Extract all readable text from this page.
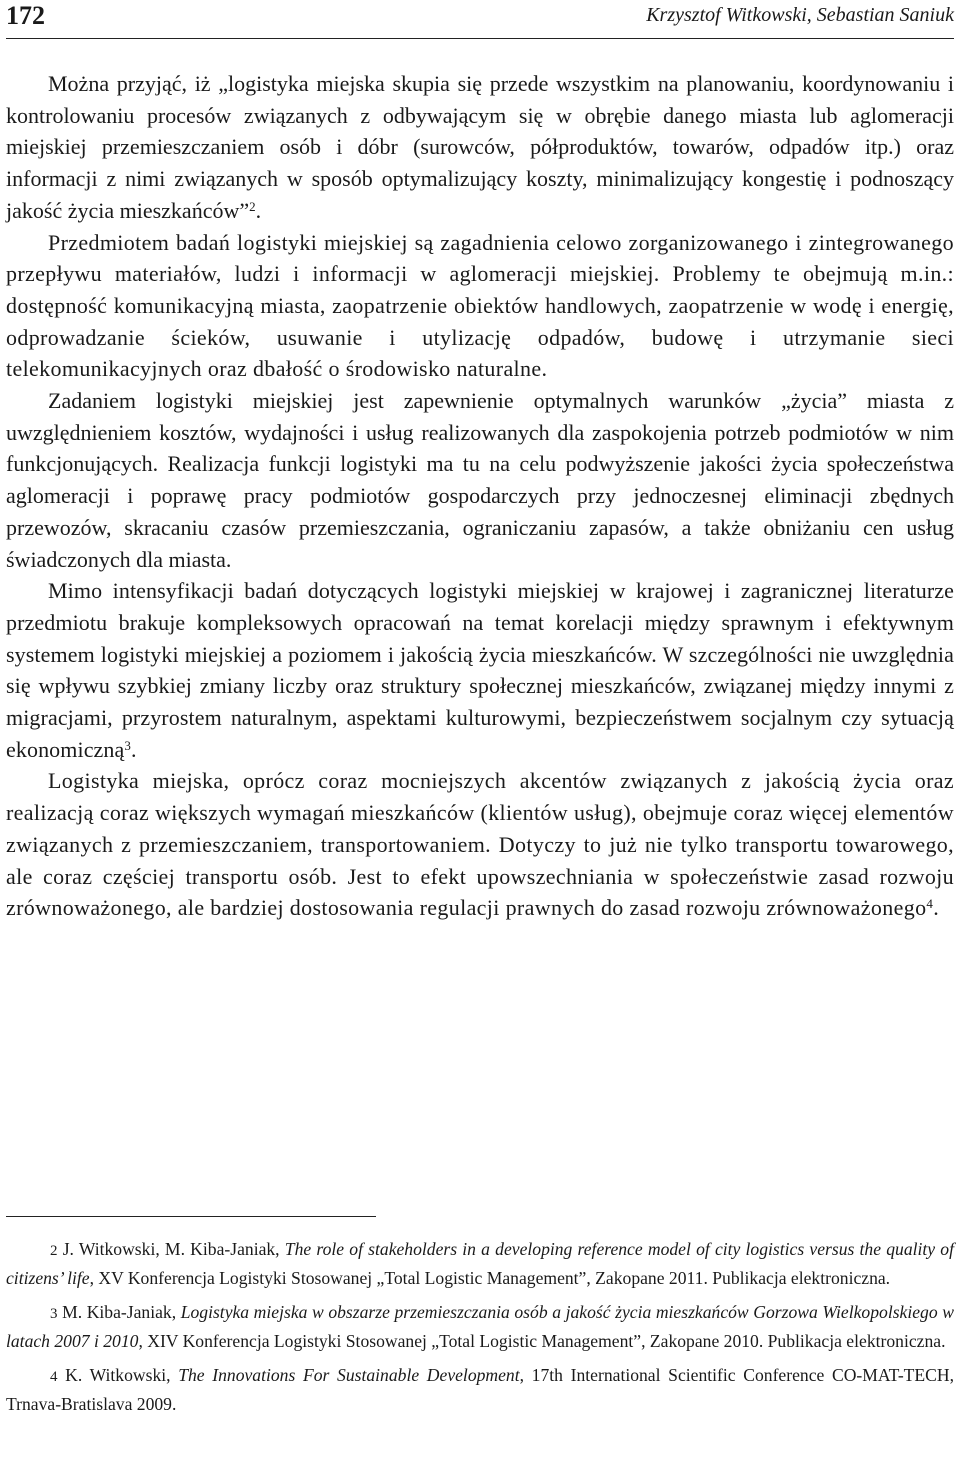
172	Krzysztof Witkowski, Sebastian Saniuk

Można przyjąć, iż „logistyka miejska skupia się przede wszystkim na planowaniu, koordynowaniu i kontrolowaniu procesów związanych z odbywającym się w obrębie danego miasta lub aglomeracji miejskiej przemieszczaniem osób i dóbr (surowców, półproduktów, towarów, odpadów itp.) oraz informacji z nimi związanych w sposób optymalizujący koszty, minimalizujący kongestię i podnoszący jakość życia mieszkańców”$^2$.

Przedmiotem badań logistyki miejskiej są zagadnienia celowo zorganizowanego i zintegrowanego przepływu materiałów, ludzi i informacji w aglomeracji miejskiej. Problemy te obejmują m.in.: dostępność komunikacyjną miasta, zaopatrzenie obiektów handlowych, zaopatrzenie w wodę i energię, odprowadzanie ścieków, usuwanie i utylizację odpadów, budowę i utrzymanie sieci telekomunikacyjnych oraz dbałość o środowisko naturalne.

Zadaniem logistyki miejskiej jest zapewnienie optymalnych warunków „życia” miasta z uwzględnieniem kosztów, wydajności i usług realizowanych dla zaspokojenia potrzeb podmiotów w nim funkcjonujących. Realizacja funkcji logistyki ma tu na celu podwyższenie jakości życia społeczeństwa aglomeracji i poprawę pracy podmiotów gospodarczych przy jednoczesnej eliminacji zbędnych przewozów, skracaniu czasów przemieszczania, ograniczaniu zapasów, a także obniżaniu cen usług świadczonych dla miasta.

Mimo intensyfikacji badań dotyczących logistyki miejskiej w krajowej i zagranicznej literaturze przedmiotu brakuje kompleksowych opracowań na temat korelacji między sprawnym i efektywnym systemem logistyki miejskiej a poziomem i jakością życia mieszkańców. W szczególności nie uwzględnia się wpływu szybkiej zmiany liczby oraz struktury społecznej mieszkańców, związanej między innymi z migracjami, przyrostem naturalnym, aspektami kulturowymi, bezpieczeństwem socjalnym czy sytuacją ekonomiczną$^3$.

Logistyka miejska, oprócz coraz mocniejszych akcentów związanych z jakością życia oraz realizacją coraz większych wymagań mieszkańców (klientów usług), obejmuje coraz więcej elementów związanych z przemieszczaniem, transportowaniem. Dotyczy to już nie tylko transportu towarowego, ale coraz częściej transportu osób. Jest to efekt upowszechniania w społeczeństwie zasad rozwoju zrównoważonego, ale bardziej dostosowania regulacji prawnych do zasad rozwoju zrównoważonego$^4$.

2 J. Witkowski, M. Kiba-Janiak, The role of stakeholders in a developing reference model of city logistics versus the quality of citizens’ life, XV Konferencja Logistyki Stosowanej „Total Logistic Management”, Zakopane 2011. Publikacja elektroniczna.

3 M. Kiba-Janiak, Logistyka miejska w obszarze przemieszczania osób a jakość życia mieszkańców Gorzowa Wielkopolskiego w latach 2007 i 2010, XIV Konferencja Logistyki Stosowanej „Total Logistic Management”, Zakopane 2010. Publikacja elektroniczna.

4 K. Witkowski, The Innovations For Sustainable Development, 17th International Scientific Conference CO-MAT-TECH, Trnava-Bratislava 2009.
